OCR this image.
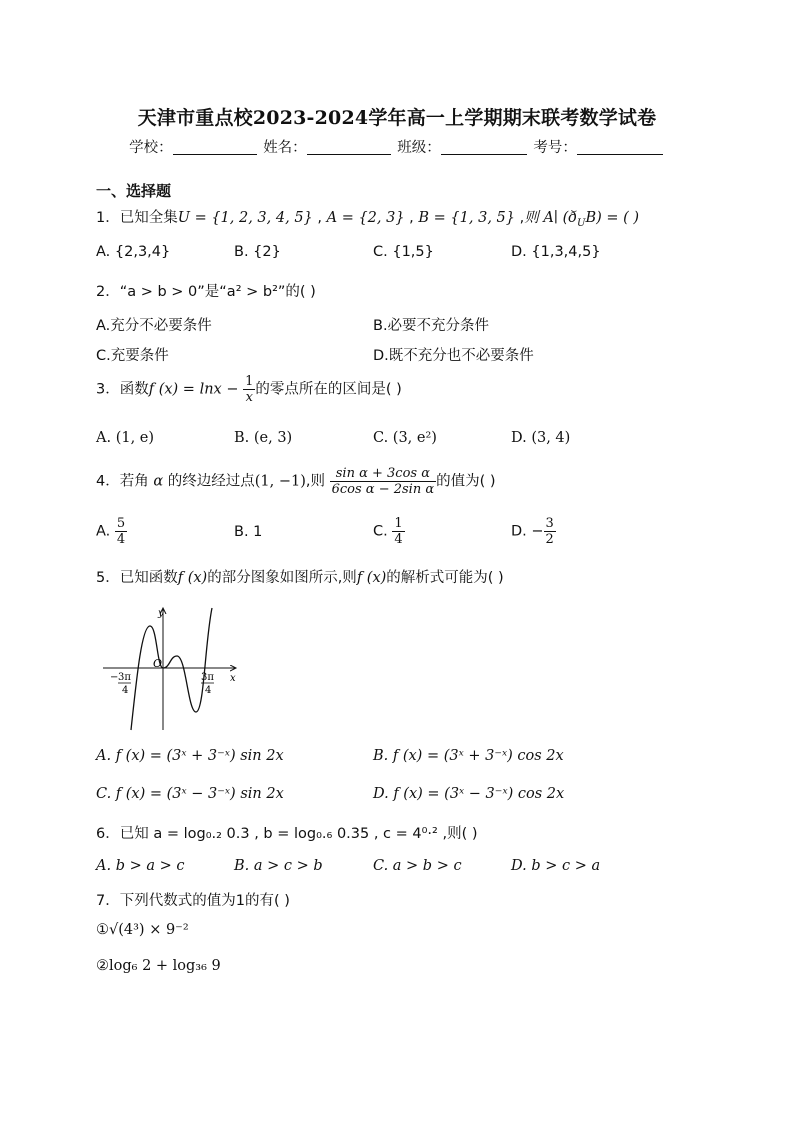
天津市重点校2023-2024学年高一上学期期末联考数学试卷
学校：	姓名：	班级：	考号：
一、选择题
1．已知全集U = {1, 2, 3, 4, 5} , A = {2, 3} , B = {1, 3, 5} ,则 A∣ $(ð_UB)$ = ( )
A. {2,3,4}	B. {2}	C. {1,5}	D. {1,3,4,5}
2．“a > b > 0”是“a² > b²”的( )
A.充分不必要条件	B.必要不充分条件
C.充要条件	D.既不充分也不必要条件
3．函数f $(x) = \ln x - \frac{1}{x}$ 的零点所在的区间是( )
A. (1, e)	B. (e, 3)	C. (3, e²)	D. (3, 4)
4．若角 α 的终边经过点(1, −1),则 $\frac{\text{sin α + 3cos α}}{\text{6cos α − 2sin α}}$ 的值为( )
A. $\frac{5}{4}$	B. 1	C. $\frac{1}{4}$	D. − $\frac{3}{2}$
5．已知函数f (x)的部分图象如图所示,则f (x)的解析式可能为( )
y
x
O
− 3π
4
3π
4
A. f (x) = (3ˣ + 3⁻ˣ) sin 2x	B. f (x) = (3ˣ + 3⁻ˣ) cos 2x
C. f (x) = (3ˣ − 3⁻ˣ) sin 2x	D. f (x) = (3ˣ − 3⁻ˣ) cos 2x
6．已知 a = log₀.₂ 0.3 , b = log₀.₆ 0.35 , c = 4⁰·² ,则( )
A. b > a > c	B. a > c > b	C. a > b > c	D. b > c > a
7．下列代数式的值为1的有( )
①√(4³) × 9⁻²
②log₆ 2 + log₃₆ 9
